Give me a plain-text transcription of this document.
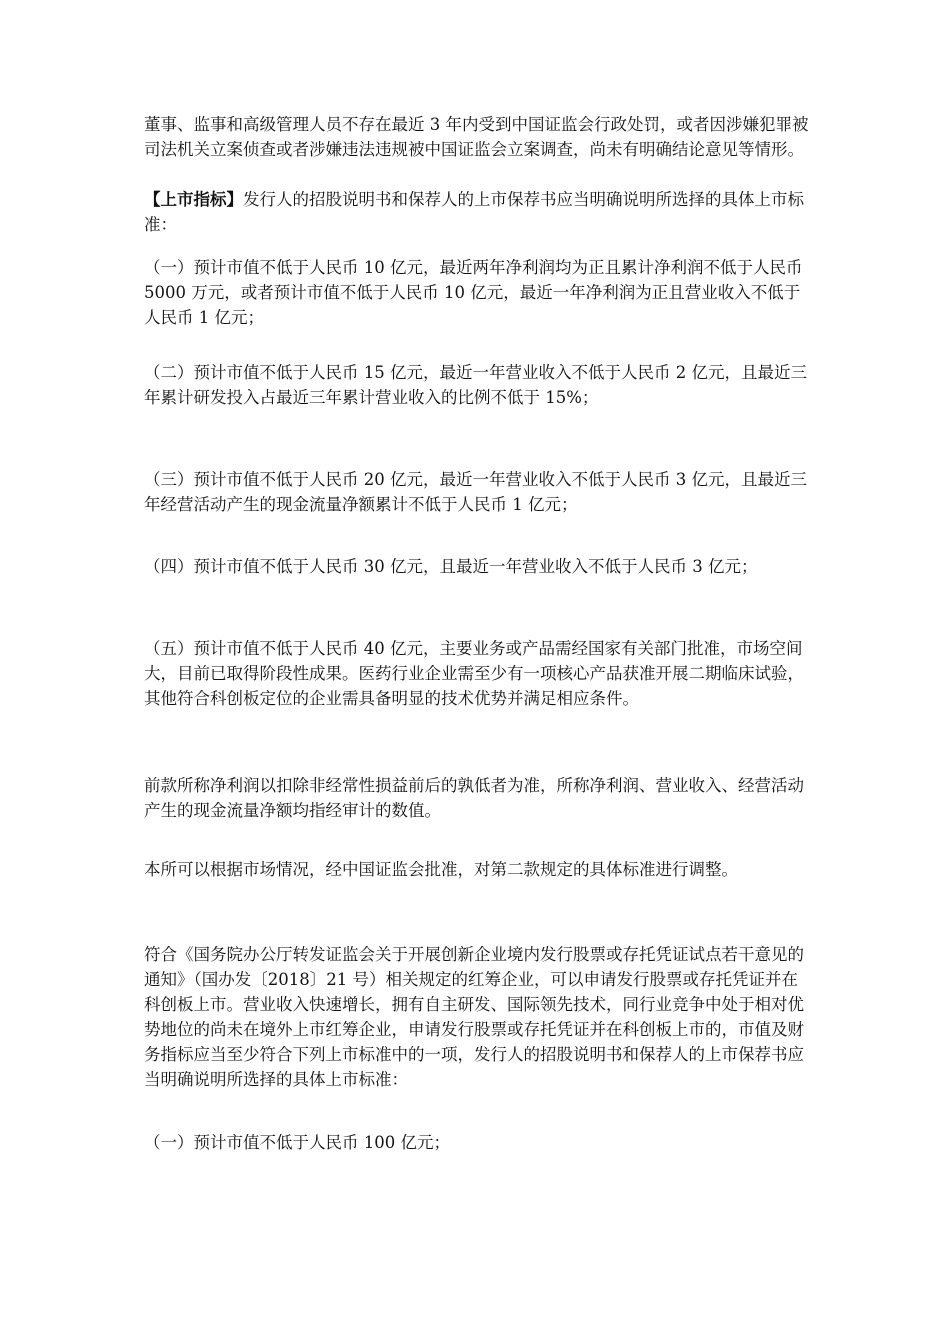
董事、监事和高级管理人员不存在最近 3 年内受到中国证监会行政处罚，或者因涉嫌犯罪被司法机关立案侦查或者涉嫌违法违规被中国证监会立案调查，尚未有明确结论意见等情形。

【上市指标】发行人的招股说明书和保荐人的上市保荐书应当明确说明所选择的具体上市标准：

（一）预计市值不低于人民币 10 亿元，最近两年净利润均为正且累计净利润不低于人民币 5000 万元，或者预计市值不低于人民币 10 亿元，最近一年净利润为正且营业收入不低于人民币 1 亿元；

（二）预计市值不低于人民币 15 亿元，最近一年营业收入不低于人民币 2 亿元，且最近三年累计研发投入占最近三年累计营业收入的比例不低于 15%；

（三）预计市值不低于人民币 20 亿元，最近一年营业收入不低于人民币 3 亿元，且最近三年经营活动产生的现金流量净额累计不低于人民币 1 亿元；

（四）预计市值不低于人民币 30 亿元，且最近一年营业收入不低于人民币 3 亿元；

（五）预计市值不低于人民币 40 亿元，主要业务或产品需经国家有关部门批准，市场空间大，目前已取得阶段性成果。医药行业企业需至少有一项核心产品获准开展二期临床试验，其他符合科创板定位的企业需具备明显的技术优势并满足相应条件。

前款所称净利润以扣除非经常性损益前后的孰低者为准，所称净利润、营业收入、经营活动产生的现金流量净额均指经审计的数值。

本所可以根据市场情况，经中国证监会批准，对第二款规定的具体标准进行调整。

符合《国务院办公厅转发证监会关于开展创新企业境内发行股票或存托凭证试点若干意见的通知》（国办发〔2018〕21 号）相关规定的红筹企业，可以申请发行股票或存托凭证并在科创板上市。营业收入快速增长，拥有自主研发、国际领先技术，同行业竞争中处于相对优势地位的尚未在境外上市红筹企业，申请发行股票或存托凭证并在科创板上市的，市值及财务指标应当至少符合下列上市标准中的一项，发行人的招股说明书和保荐人的上市保荐书应当明确说明所选择的具体上市标准：

（一）预计市值不低于人民币 100 亿元；
